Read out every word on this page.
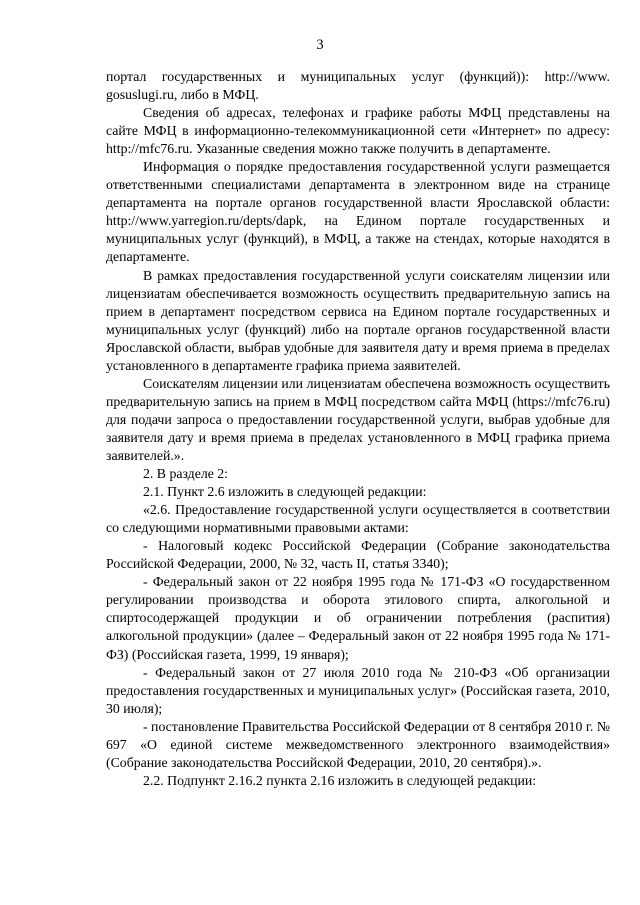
3

портал государственных и муниципальных услуг (функций)): http://www. gosuslugi.ru, либо в МФЦ.

Сведения об адресах, телефонах и графике работы МФЦ представлены на сайте МФЦ в информационно-телекоммуникационной сети «Интернет» по адресу: http://mfc76.ru. Указанные сведения можно также получить в департаменте.

Информация о порядке предоставления государственной услуги размещается ответственными специалистами департамента в электронном виде на странице департамента на портале органов государственной власти Ярославской области: http://www.yarregion.ru/depts/dapk, на Едином портале государственных и муниципальных услуг (функций), в МФЦ, а также на стендах, которые находятся в департаменте.

В рамках предоставления государственной услуги соискателям лицензии или лицензиатам обеспечивается возможность осуществить предварительную запись на прием в департамент посредством сервиса на Едином портале государственных и муниципальных услуг (функций) либо на портале органов государственной власти Ярославской области, выбрав удобные для заявителя дату и время приема в пределах установленного в департаменте графика приема заявителей.

Соискателям лицензии или лицензиатам обеспечена возможность осуществить предварительную запись на прием в МФЦ посредством сайта МФЦ (https://mfc76.ru) для подачи запроса о предоставлении государственной услуги, выбрав удобные для заявителя дату и время приема в пределах установленного в МФЦ графика приема заявителей.».

2. В разделе 2:

2.1. Пункт 2.6 изложить в следующей редакции:

«2.6. Предоставление государственной услуги осуществляется в соответствии со следующими нормативными правовыми актами:

- Налоговый кодекс Российской Федерации (Собрание законодательства Российской Федерации, 2000, № 32, часть II, статья 3340);

- Федеральный закон от 22 ноября 1995 года № 171-ФЗ «О государственном регулировании производства и оборота этилового спирта, алкогольной и спиртосодержащей продукции и об ограничении потребления (распития) алкогольной продукции» (далее – Федеральный закон от 22 ноября 1995 года № 171-ФЗ) (Российская газета, 1999, 19 января);

- Федеральный закон от 27 июля 2010 года № 210-ФЗ «Об организации предоставления государственных и муниципальных услуг» (Российская газета, 2010, 30 июля);

- постановление Правительства Российской Федерации от 8 сентября 2010 г. № 697 «О единой системе межведомственного электронного взаимодействия» (Собрание законодательства Российской Федерации, 2010, 20 сентября).».

2.2. Подпункт 2.16.2 пункта 2.16 изложить в следующей редакции:
